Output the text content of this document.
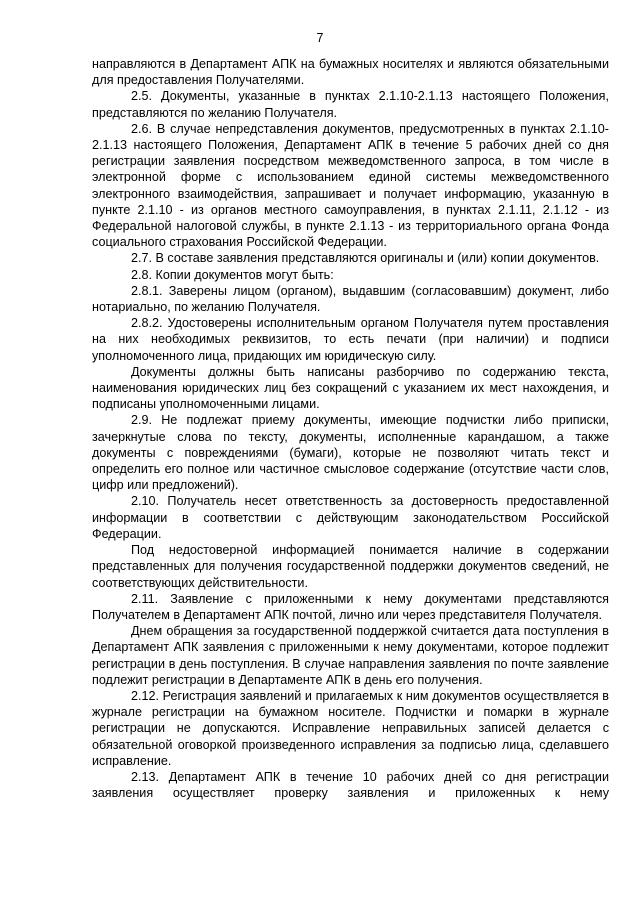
7

направляются в Департамент АПК на бумажных носителях и являются обязательными для предоставления Получателями.

2.5. Документы, указанные в пунктах 2.1.10-2.1.13 настоящего Положения, представляются по желанию Получателя.

2.6. В случае непредставления документов, предусмотренных в пунктах 2.1.10-2.1.13 настоящего Положения, Департамент АПК в течение 5 рабочих дней со дня регистрации заявления посредством межведомственного запроса, в том числе в электронной форме с использованием единой системы межведомственного электронного взаимодействия, запрашивает и получает информацию, указанную в пункте 2.1.10 - из органов местного самоуправления, в пунктах 2.1.11, 2.1.12 - из Федеральной налоговой службы, в пункте 2.1.13 - из территориального органа Фонда социального страхования Российской Федерации.

2.7. В составе заявления представляются оригиналы и (или) копии документов.

2.8. Копии документов могут быть:

2.8.1. Заверены лицом (органом), выдавшим (согласовавшим) документ, либо нотариально, по желанию Получателя.

2.8.2. Удостоверены исполнительным органом Получателя путем проставления на них необходимых реквизитов, то есть печати (при наличии) и подписи уполномоченного лица, придающих им юридическую силу.

Документы должны быть написаны разборчиво по содержанию текста, наименования юридических лиц без сокращений с указанием их мест нахождения, и подписаны уполномоченными лицами.

2.9. Не подлежат приему документы, имеющие подчистки либо приписки, зачеркнутые слова по тексту, документы, исполненные карандашом, а также документы с повреждениями (бумаги), которые не позволяют читать текст и определить его полное или частичное смысловое содержание (отсутствие части слов, цифр или предложений).

2.10. Получатель несет ответственность за достоверность предоставленной информации в соответствии с действующим законодательством Российской Федерации.

Под недостоверной информацией понимается наличие в содержании представленных для получения государственной поддержки документов сведений, не соответствующих действительности.

2.11. Заявление с приложенными к нему документами представляются Получателем в Департамент АПК почтой, лично или через представителя Получателя.

Днем обращения за государственной поддержкой считается дата поступления в Департамент АПК заявления с приложенными к нему документами, которое подлежит регистрации в день поступления. В случае направления заявления по почте заявление подлежит регистрации в Департаменте АПК в день его получения.

2.12. Регистрация заявлений и прилагаемых к ним документов осуществляется в журнале регистрации на бумажном носителе. Подчистки и помарки в журнале регистрации не допускаются. Исправление неправильных записей делается с обязательной оговоркой произведенного исправления за подписью лица, сделавшего исправление.

2.13. Департамент АПК в течение 10 рабочих дней со дня регистрации заявления осуществляет проверку заявления и приложенных к нему
